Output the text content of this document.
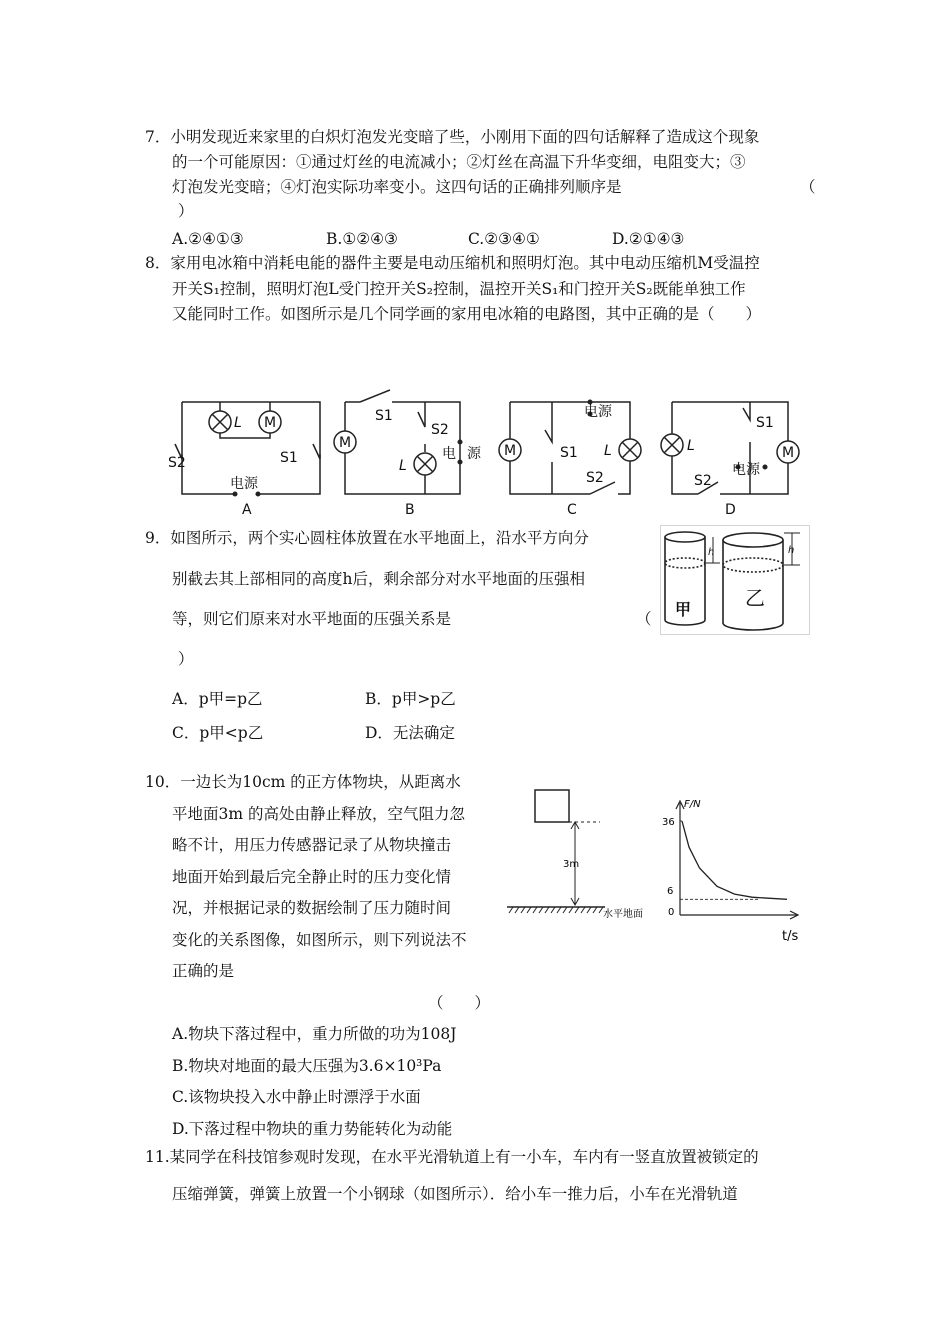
7．小明发现近来家里的白炽灯泡发光变暗了些，小刚用下面的四句话解释了造成这个现象
的一个可能原因：①通过灯丝的电流减小；②灯丝在高温下升华变细，电阻变大；③
灯泡发光变暗；④灯泡实际功率变小。这四句话的正确排列顺序是	（
）
A.②④①③	B.①②④③	C.②③④①	D.②①④③
8．家用电冰箱中消耗电能的器件主要是电动压缩机和照明灯泡。其中电动压缩机M受温控
开关S₁控制，照明灯泡L受门控开关S₂控制，温控开关S₁和门控开关S₂既能单独工作
又能同时工作。如图所示是几个同学画的家用电冰箱的电路图，其中正确的是（　　）
L M
S2	S1
电源
A
M
S1
S2
L
电 源
B
M
电源
S1 L
S2
C
L
S1
M
电源
S2
D
9．如图所示，两个实心圆柱体放置在水平地面上，沿水平方向分
别截去其上部相同的高度h后，剩余部分对水平地面的压强相
等，则它们原来对水平地面的压强关系是	（
）
A．p甲=p乙	B．p甲>p乙
C．p甲<p乙	D．无法确定
甲	乙
h	h
10．一边长为10cm 的正方体物块，从距离水
平地面3m 的高处由静止释放，空气阻力忽
略不计，用压力传感器记录了从物块撞击
地面开始到最后完全静止时的压力变化情
况，并根据记录的数据绘制了压力随时间
变化的关系图像，如图所示，则下列说法不
正确的是
（　　）
A.物块下落过程中，重力所做的功为108J
B.物块对地面的最大压强为3.6×10³Pa
C.该物块投入水中静止时漂浮于水面
D.下落过程中物块的重力势能转化为动能
3m
水平地面
F/N
36
6
0
t/s
11.某同学在科技馆参观时发现，在水平光滑轨道上有一小车，车内有一竖直放置被锁定的
压缩弹簧，弹簧上放置一个小钢球（如图所示）．给小车一推力后，小车在光滑轨道
